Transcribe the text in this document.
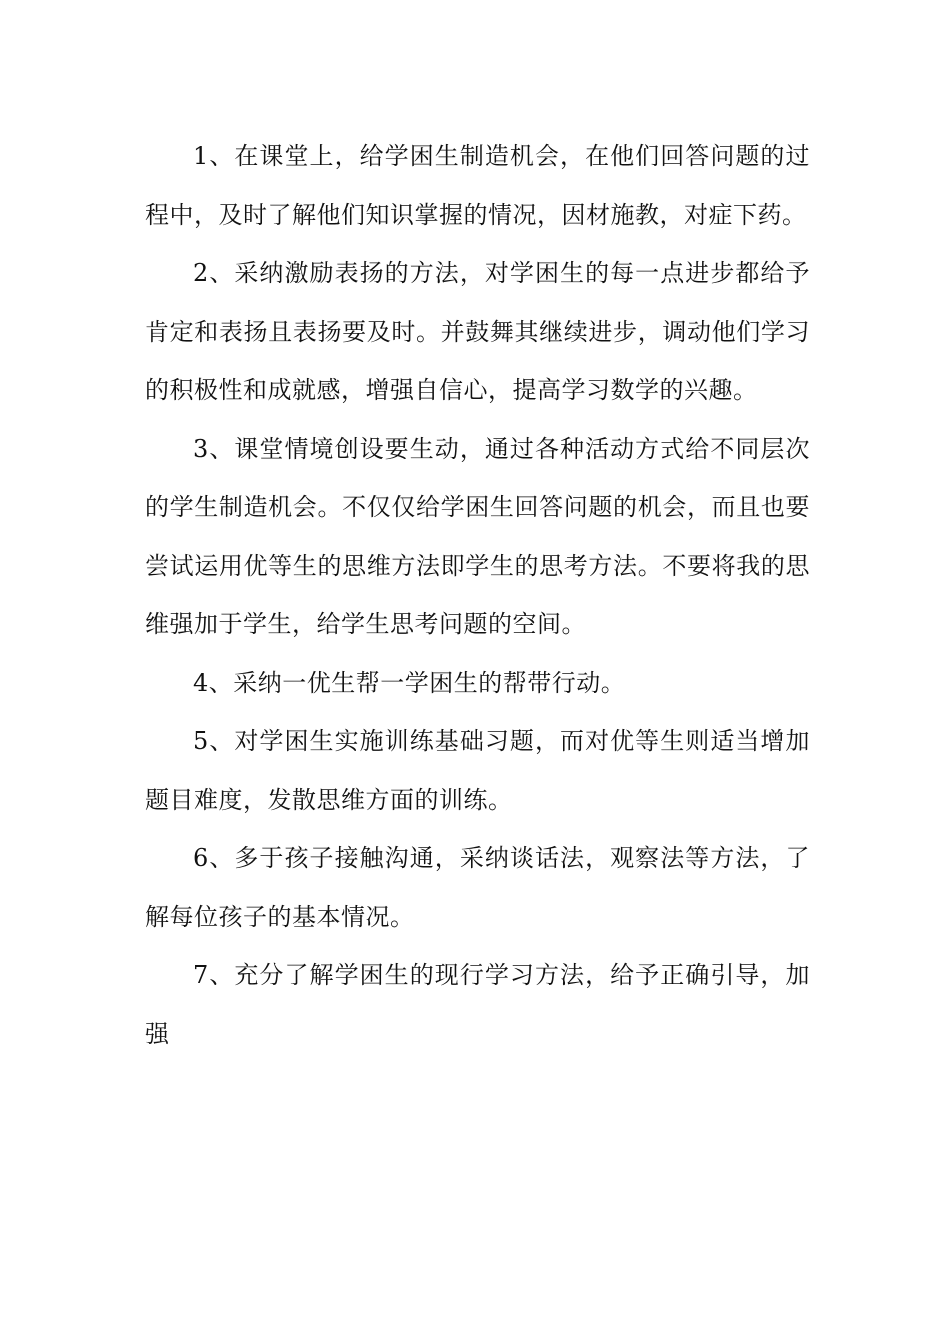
1、在课堂上，给学困生制造机会，在他们回答问题的过程中，及时了解他们知识掌握的情况，因材施教，对症下药。

2、采纳激励表扬的方法，对学困生的每一点进步都给予肯定和表扬且表扬要及时。并鼓舞其继续进步，调动他们学习的积极性和成就感，增强自信心，提高学习数学的兴趣。

3、课堂情境创设要生动，通过各种活动方式给不同层次的学生制造机会。不仅仅给学困生回答问题的机会，而且也要尝试运用优等生的思维方法即学生的思考方法。不要将我的思维强加于学生，给学生思考问题的空间。

4、采纳一优生帮一学困生的帮带行动。

5、对学困生实施训练基础习题，而对优等生则适当增加题目难度，发散思维方面的训练。

6、多于孩子接触沟通，采纳谈话法，观察法等方法，了解每位孩子的基本情况。

7、充分了解学困生的现行学习方法，给予正确引导，加强
